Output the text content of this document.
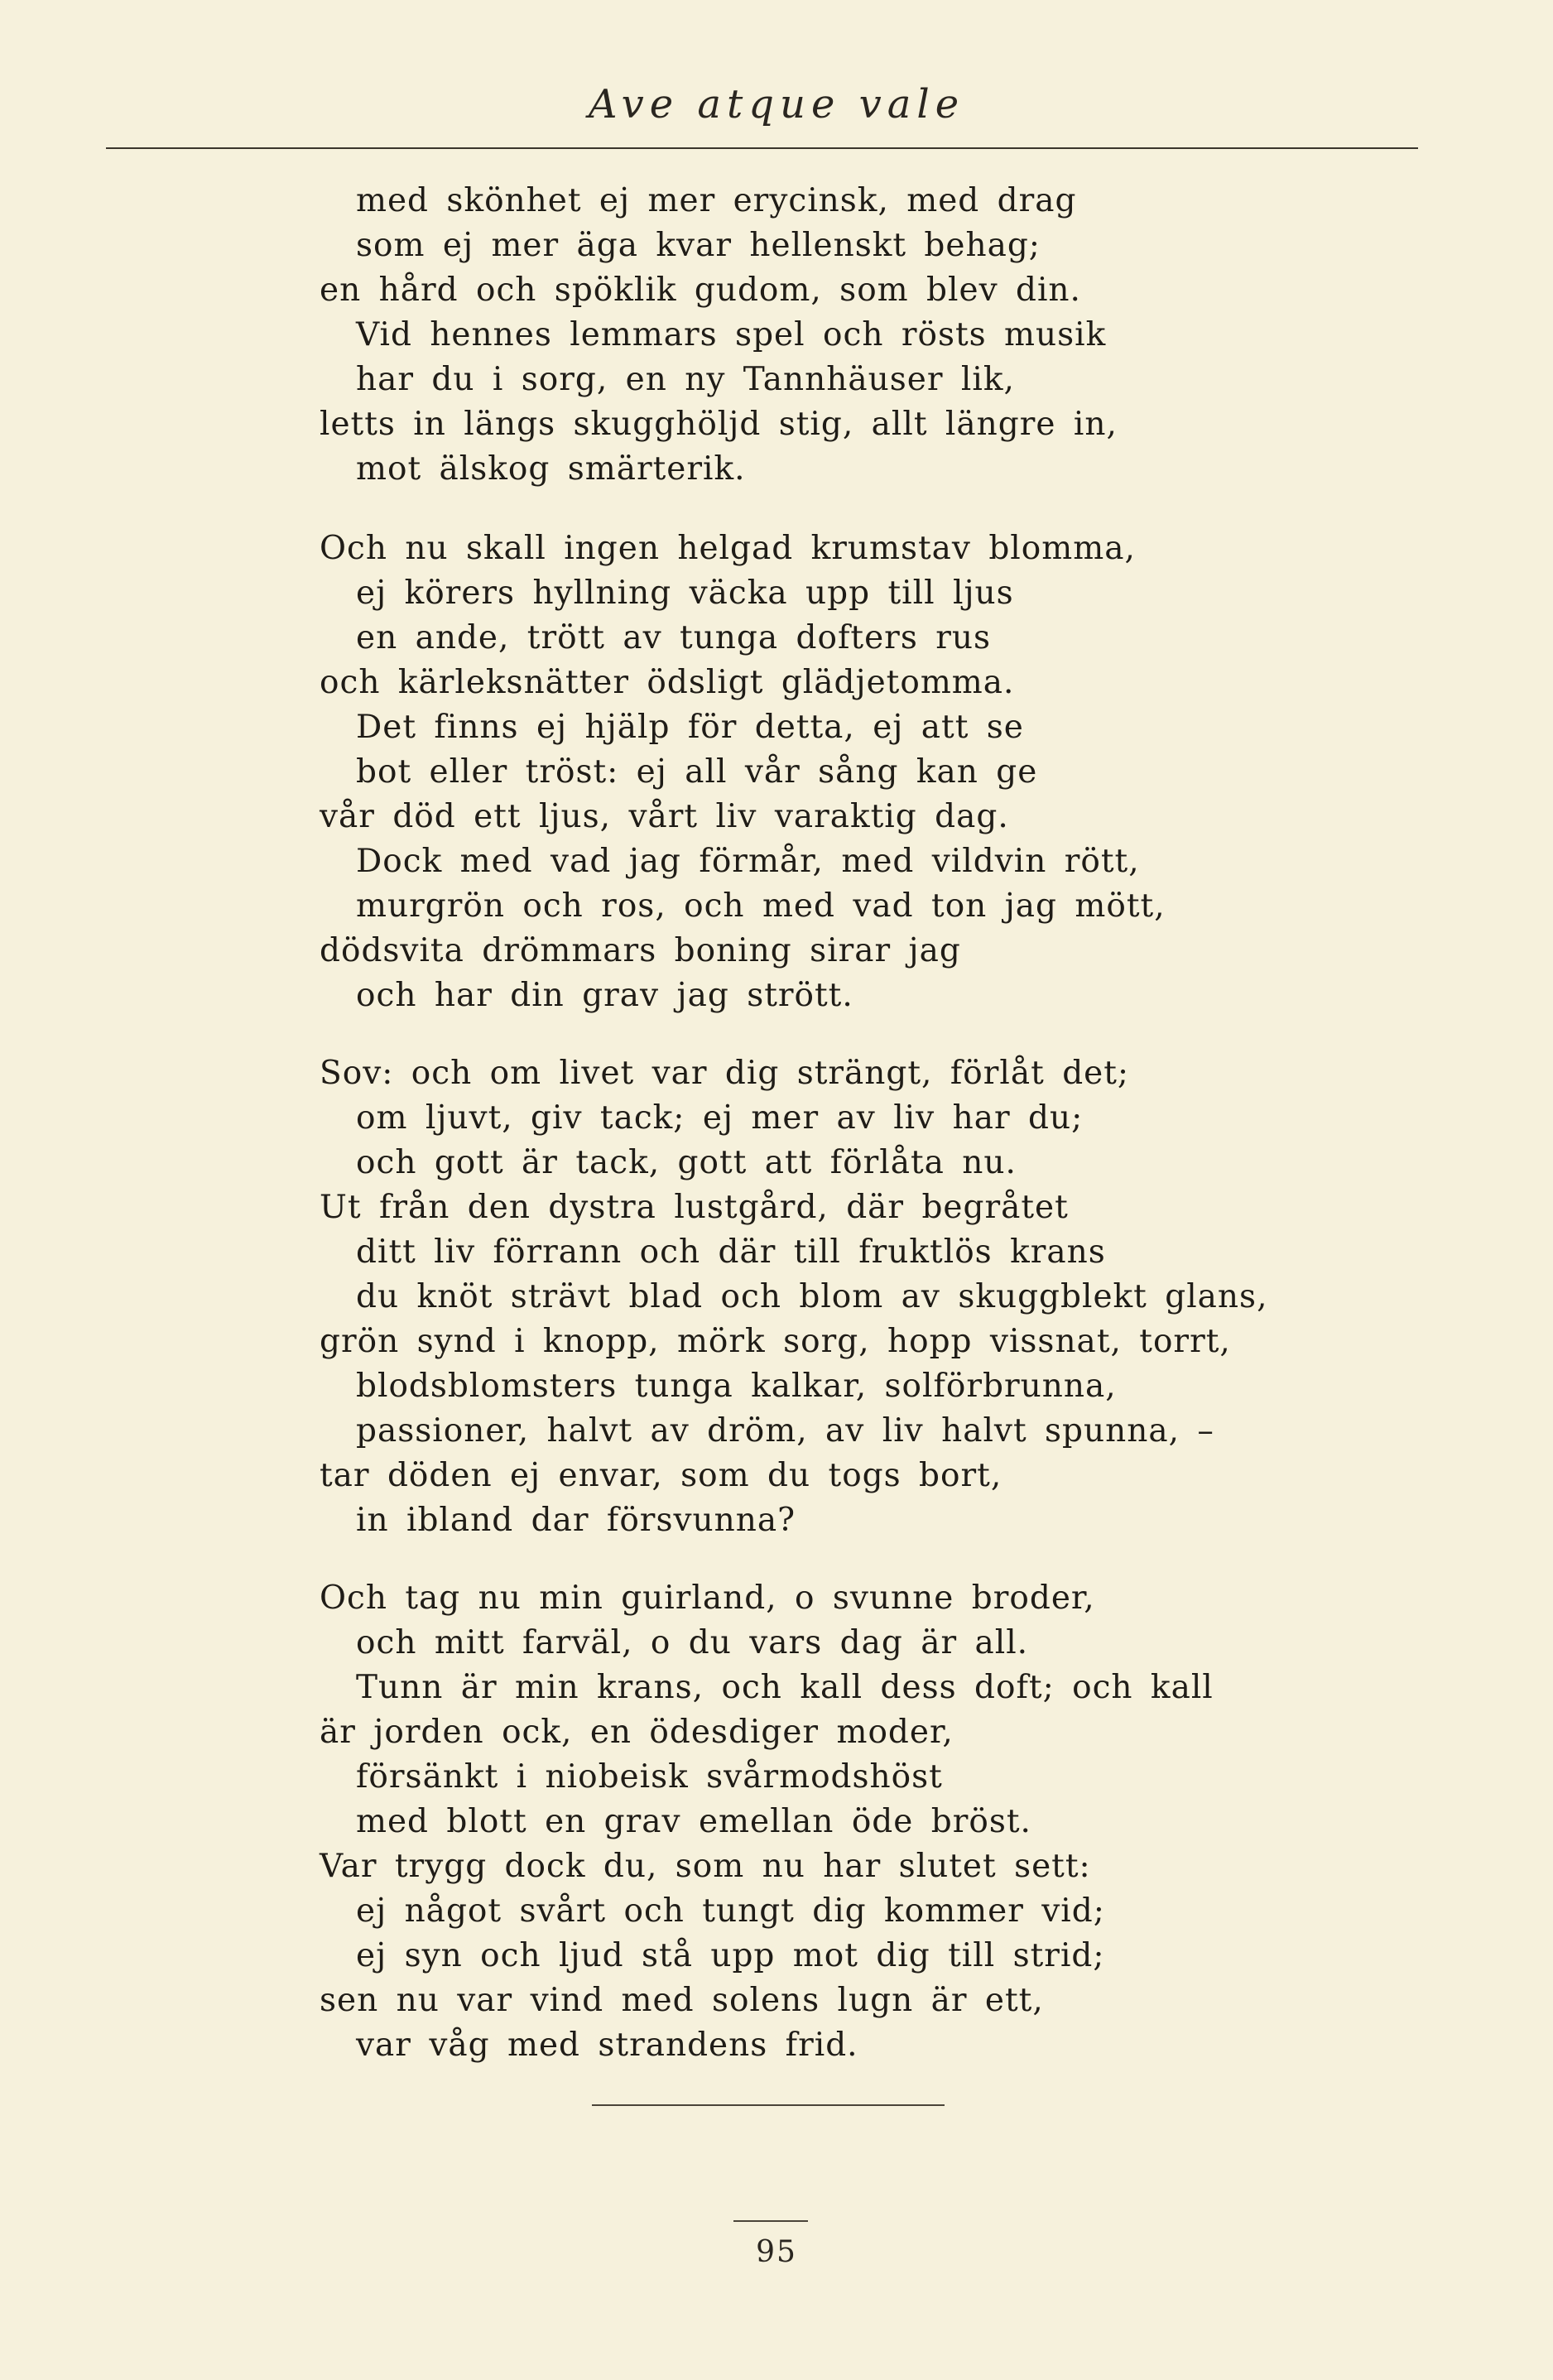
Ave atque vale
med skönhet ej mer erycinsk, med drag
som ej mer äga kvar hellenskt behag;
en hård och spöklik gudom, som blev din.
Vid hennes lemmars spel och rösts musik
har du i sorg, en ny Tannhäuser lik,
letts in längs skugghöljd stig, allt längre in,
mot älskog smärterik.
Och nu skall ingen helgad krumstav blomma,
ej körers hyllning väcka upp till ljus
en ande, trött av tunga dofters rus
och kärleksnätter ödsligt glädjetomma.
Det finns ej hjälp för detta, ej att se
bot eller tröst: ej all vår sång kan ge
vår död ett ljus, vårt liv varaktig dag.
Dock med vad jag förmår, med vildvin rött,
murgrön och ros, och med vad ton jag mött,
dödsvita drömmars boning sirar jag
och har din grav jag strött.
Sov: och om livet var dig strängt, förlåt det;
om ljuvt, giv tack; ej mer av liv har du;
och gott är tack, gott att förlåta nu.
Ut från den dystra lustgård, där begråtet
ditt liv förrann och där till fruktlös krans
du knöt strävt blad och blom av skuggblekt glans,
grön synd i knopp, mörk sorg, hopp vissnat, torrt,
blodsblomsters tunga kalkar, solförbrunna,
passioner, halvt av dröm, av liv halvt spunna, –
tar döden ej envar, som du togs bort,
in ibland dar försvunna?
Och tag nu min guirland, o svunne broder,
och mitt farväl, o du vars dag är all.
Tunn är min krans, och kall dess doft; och kall
är jorden ock, en ödesdiger moder,
försänkt i niobeisk svårmodshöst
med blott en grav emellan öde bröst.
Var trygg dock du, som nu har slutet sett:
ej något svårt och tungt dig kommer vid;
ej syn och ljud stå upp mot dig till strid;
sen nu var vind med solens lugn är ett,
var våg med strandens frid.
95
